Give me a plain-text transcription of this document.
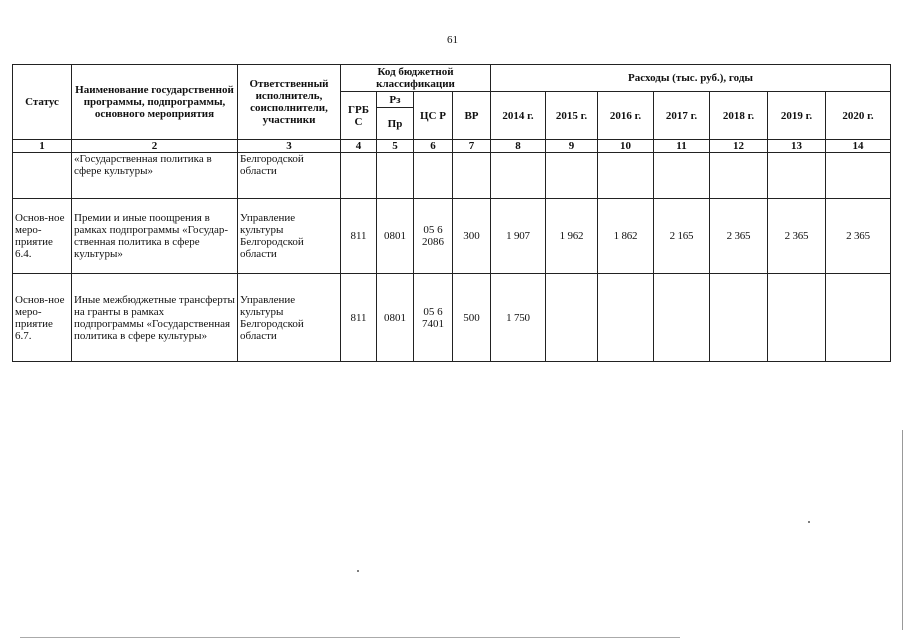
61
Статус	Наименование государственной программы, подпрограммы, основного мероприятия	Ответственный исполнитель, соисполнители, участники	Код бюджетной классификации				Расходы (тыс. руб.), годы						
			ГРБ С	Рз	ЦС Р	ВР	2014 г.	2015 г.	2016 г.	2017 г.	2018 г.	2019 г.	2020 г.
				Пр									
1	2	3	4	5	6	7	8	9	10	11	12	13	14
	«Государственная политика в сфере культуры»	Белгородской области											
Основ-ное меро-приятие 6.4.	Премии и иные поощрения в рамках подпрограммы «Государ-ственная политика в сфере культуры»	Управление культуры Белгородской области	811	0801	05 6 2086	300	1 907	1 962	1 862	2 165	2 365	2 365	2 365
Основ-ное меро-приятие 6.7.	Иные межбюджетные трансферты на гранты в рамках подпрограммы «Государственная политика в сфере культуры»	Управление культуры Белгородской области	811	0801	05 6 7401	500	1 750						
